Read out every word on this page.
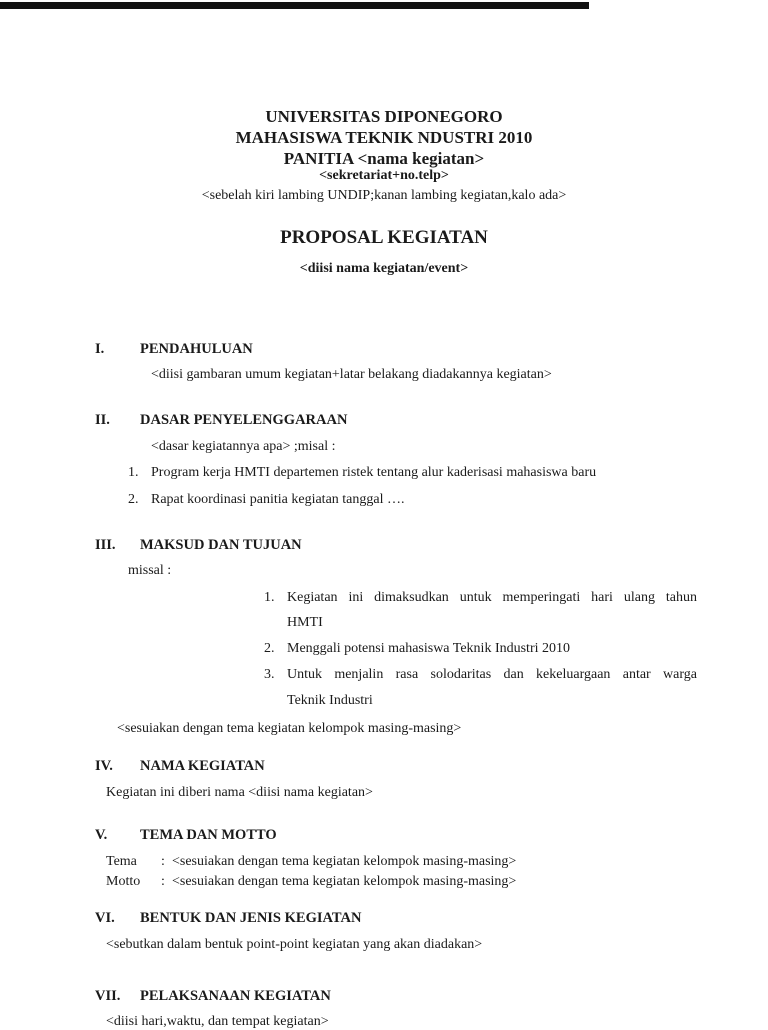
UNIVERSITAS DIPONEGORO
MAHASISWA TEKNIK NDUSTRI 2010
PANITIA <nama kegiatan>
<sekretariat+no.telp>
<sebelah kiri lambing UNDIP;kanan lambing kegiatan,kalo ada>
PROPOSAL KEGIATAN
<diisi nama kegiatan/event>
I. PENDAHULUAN
<diisi gambaran umum kegiatan+latar belakang diadakannya kegiatan>
II. DASAR PENYELENGGARAAN
<dasar kegiatannya apa> ;misal :
1. Program kerja HMTI departemen ristek tentang alur kaderisasi mahasiswa baru
2. Rapat koordinasi panitia kegiatan tanggal ….
III. MAKSUD DAN TUJUAN
missal :
1. Kegiatan ini dimaksudkan untuk memperingati hari ulang tahun
HMTI
2. Menggali potensi mahasiswa Teknik Industri 2010
3. Untuk menjalin rasa solodaritas dan kekeluargaan antar warga
Teknik Industri
<sesuiakan dengan tema kegiatan kelompok masing-masing>
IV. NAMA KEGIATAN
Kegiatan ini diberi nama <diisi nama kegiatan>
V. TEMA DAN MOTTO
Tema : <sesuiakan dengan tema kegiatan kelompok masing-masing>
Motto : <sesuiakan dengan tema kegiatan kelompok masing-masing>
VI. BENTUK DAN JENIS KEGIATAN
<sebutkan dalam bentuk point-point kegiatan yang akan diadakan>
VII. PELAKSANAAN KEGIATAN
<diisi hari,waktu, dan tempat kegiatan>
